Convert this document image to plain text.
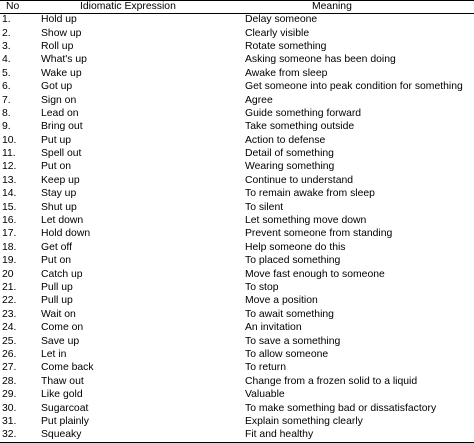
No	Idiomatic Expression	Meaning
1.	Hold up	Delay someone
2.	Show up	Clearly visible
3.	Roll up	Rotate something
4.	What's up	Asking someone has been doing
5.	Wake up	Awake from sleep
6.	Got up	Get someone into peak condition for something
7.	Sign on	Agree
8.	Lead on	Guide something forward
9.	Bring out	Take something outside
10.	Put up	Action to defense
11.	Spell out	Detail of something
12.	Put on	Wearing something
13.	Keep up	Continue to understand
14.	Stay up	To remain awake from sleep
15.	Shut up	To silent
16.	Let down	Let something move down
17.	Hold down	Prevent someone from standing
18.	Get off	Help someone do this
19.	Put on	To placed something
20	Catch up	Move fast enough to someone
21.	Pull up	To stop
22.	Pull up	Move a position
23.	Wait on	To await something
24.	Come on	An invitation
25.	Save up	To save a something
26.	Let in	To allow someone
27.	Come back	To return
28.	Thaw out	Change from a frozen solid to a liquid
29.	Like gold	Valuable
30.	Sugarcoat	To make something bad or dissatisfactory
31.	Put plainly	Explain something clearly
32.	Squeaky	Fit and healthy
